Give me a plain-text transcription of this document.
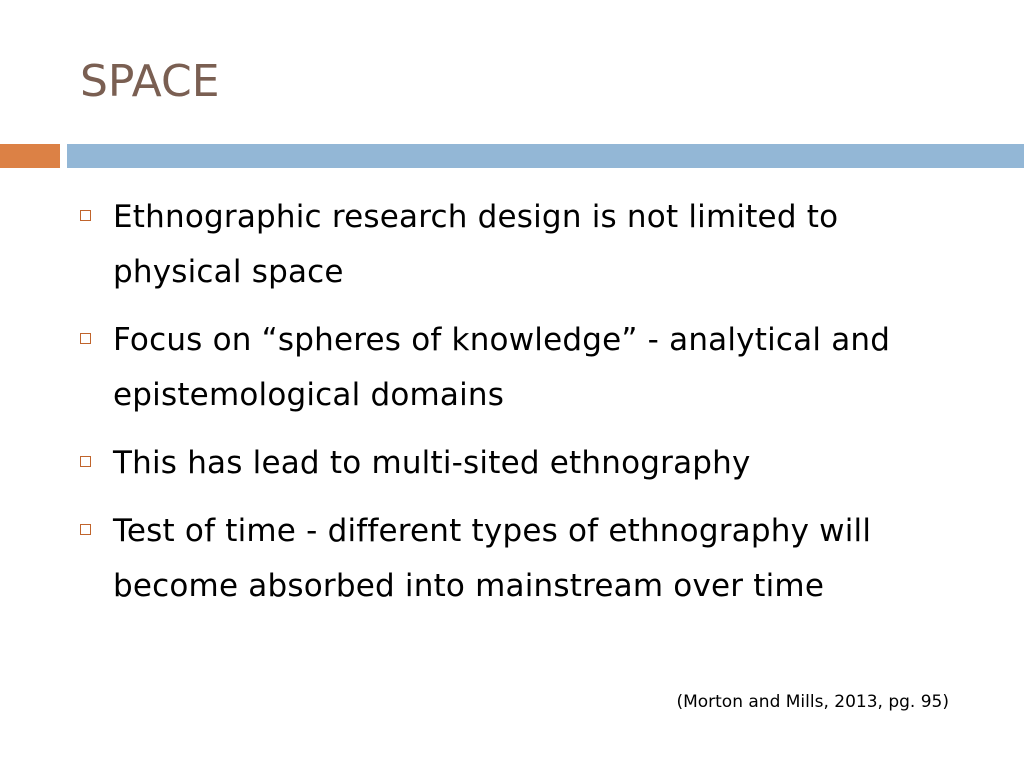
SPACE
Ethnographic research design is not limited to physical space
Focus on “spheres of knowledge” - analytical and epistemological domains
This has lead to multi-sited ethnography
Test of time - different types of ethnography will become absorbed into mainstream over time
(Morton and Mills, 2013, pg. 95)
